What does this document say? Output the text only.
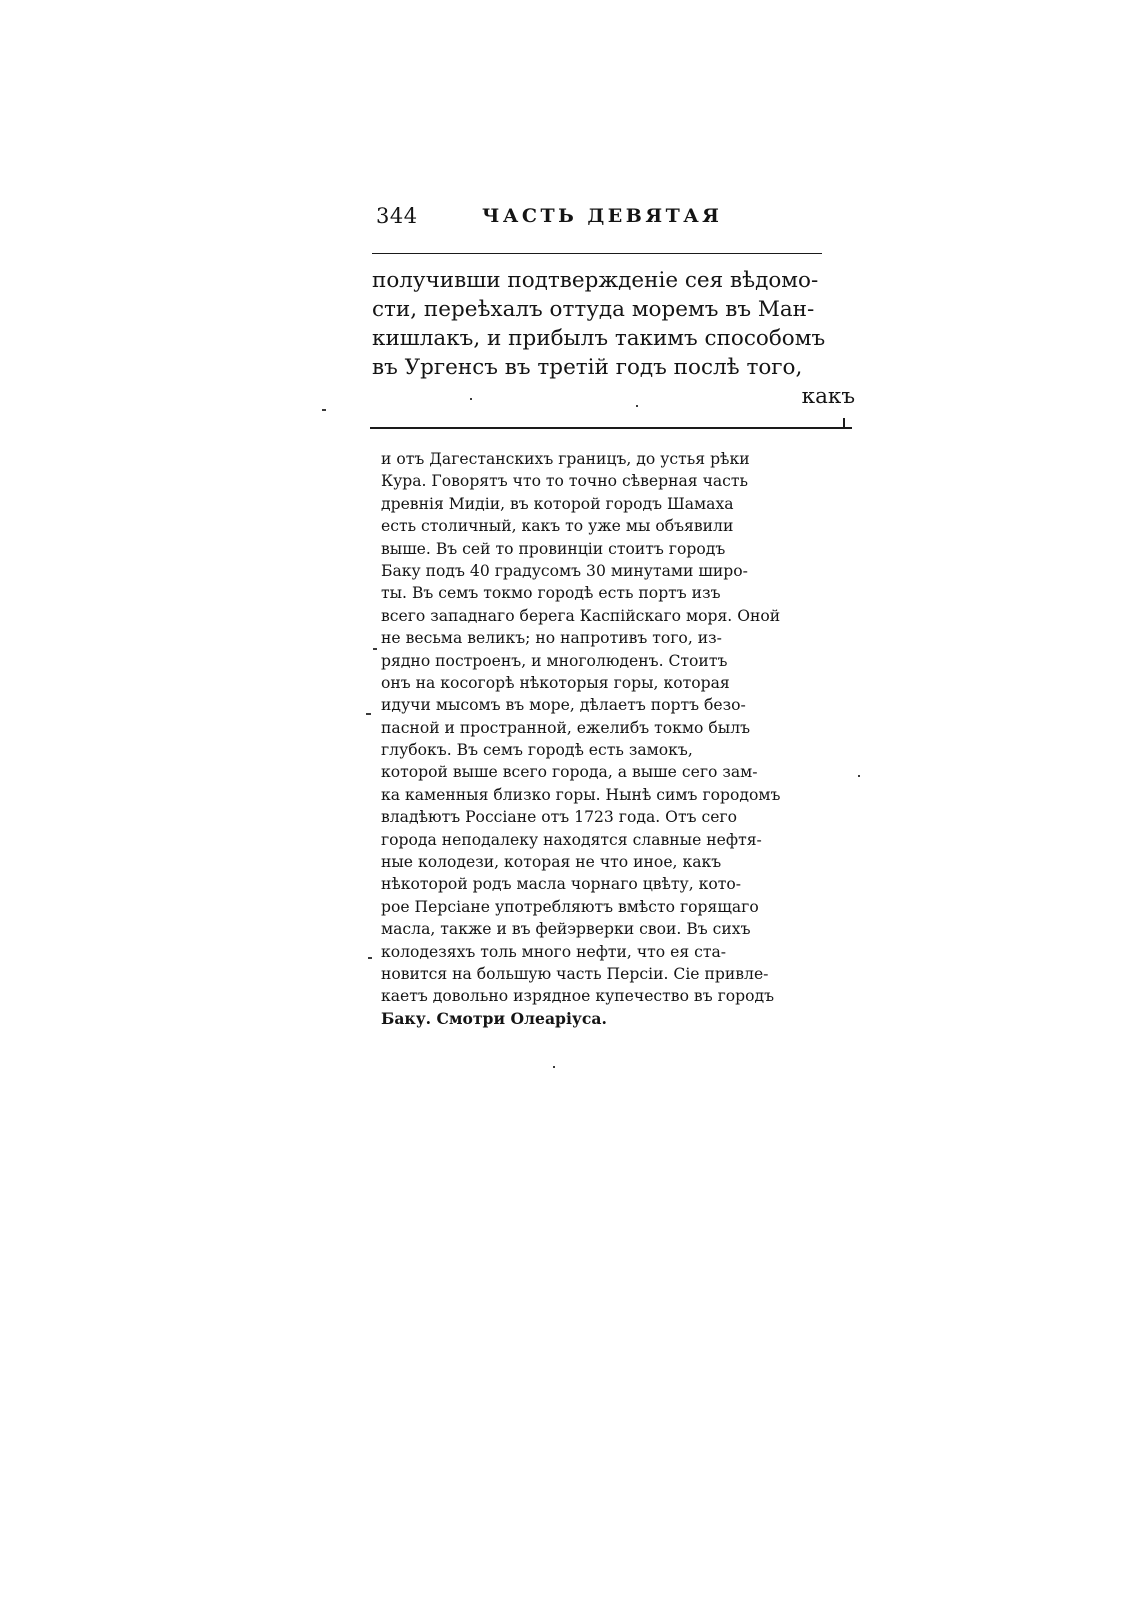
344	ЧАСТЬ ДЕВЯТАЯ
получивши подтвержденіе сея вѣдомо-
сти, переѣхалъ оттуда моремъ въ Ман-
кишлакъ, и прибылъ такимъ способомъ
въ Ургенсъ въ третій годъ послѣ того,
какъ
и отъ Дагестанскихъ границъ, до устья рѣки
Кура. Говорятъ что то точно сѣверная часть
древнія Мидіи, въ которой городъ Шамаха
есть столичный, какъ то уже мы объявили
выше. Въ сей то провинціи стоитъ городъ
Баку подъ 40 градусомъ 30 минутами широ-
ты. Въ семъ токмо городѣ есть портъ изъ
всего западнаго берега Каспійскаго моря. Оной
не весьма великъ; но напротивъ того, из-
рядно построенъ, и многолюденъ. Стоитъ
онъ на косогорѣ нѣкоторыя горы, которая
идучи мысомъ въ море, дѣлаетъ портъ безо-
пасной и пространной, ежелибъ токмо былъ
глубокъ. Въ семъ городѣ есть замокъ,
которой выше всего города, а выше сего зам-
ка каменныя близко горы. Нынѣ симъ городомъ
владѣютъ Россіане отъ 1723 года. Отъ сего
города неподалеку находятся славные нефтя-
ные колодези, которая не что иное, какъ
нѣкоторой родъ масла чорнаго цвѣту, кото-
рое Персіане употребляютъ вмѣсто горящаго
масла, также и въ фейэрверки свои. Въ сихъ
колодезяхъ толь много нефти, что ея ста-
новится на большую часть Персіи. Сіе привле-
каетъ довольно изрядное купечество въ городъ
Баку. Смотри Олеаріуса.
